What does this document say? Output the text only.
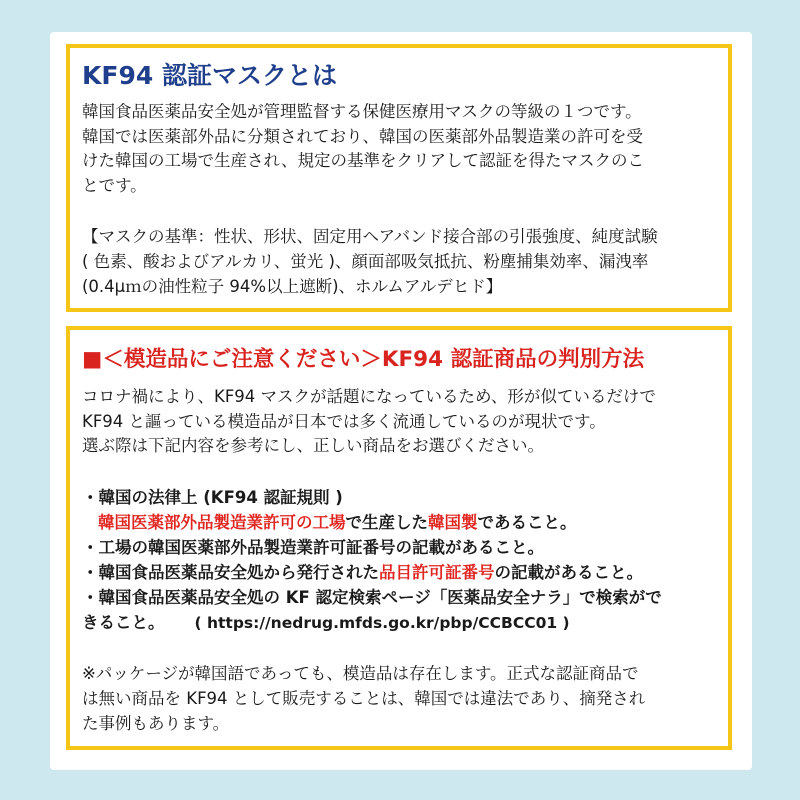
KF94 認証マスクとは
韓国食品医薬品安全処が管理監督する保健医療用マスクの等級の１つです。
韓国では医薬部外品に分類されており、韓国の医薬部外品製造業の許可を受
けた韓国の工場で生産され、規定の基準をクリアして認証を得たマスクのこ
とです。
【マスクの基準：性状、形状、固定用ヘアバンド接合部の引張強度、純度試験
( 色素、酸およびアルカリ、蛍光 )、顔面部吸気抵抗、粉塵捕集効率、漏洩率
(0.4μｍの油性粒子 94%以上遮断)、ホルムアルデヒド】
■＜模造品にご注意ください＞KF94 認証商品の判別方法
コロナ禍により、KF94 マスクが話題になっているため、形が似ているだけで
KF94 と謳っている模造品が日本では多く流通しているのが現状です。
選ぶ際は下記内容を参考にし、正しい商品をお選びください。
・韓国の法律上 (KF94 認証規則 )
韓国医薬部外品製造業許可の工場で生産した韓国製であること。
・工場の韓国医薬部外品製造業許可証番号の記載があること。
・韓国食品医薬品安全処から発行された品目許可証番号の記載があること。
・韓国食品医薬品安全処の KF 認定検索ページ「医薬品安全ナラ」で検索がで
きること。 ( https://nedrug.mfds.go.kr/pbp/CCBCC01 )
※パッケージが韓国語であっても、模造品は存在します。正式な認証商品で
は無い商品を KF94 として販売することは、韓国では違法であり、摘発され
た事例もあります。
